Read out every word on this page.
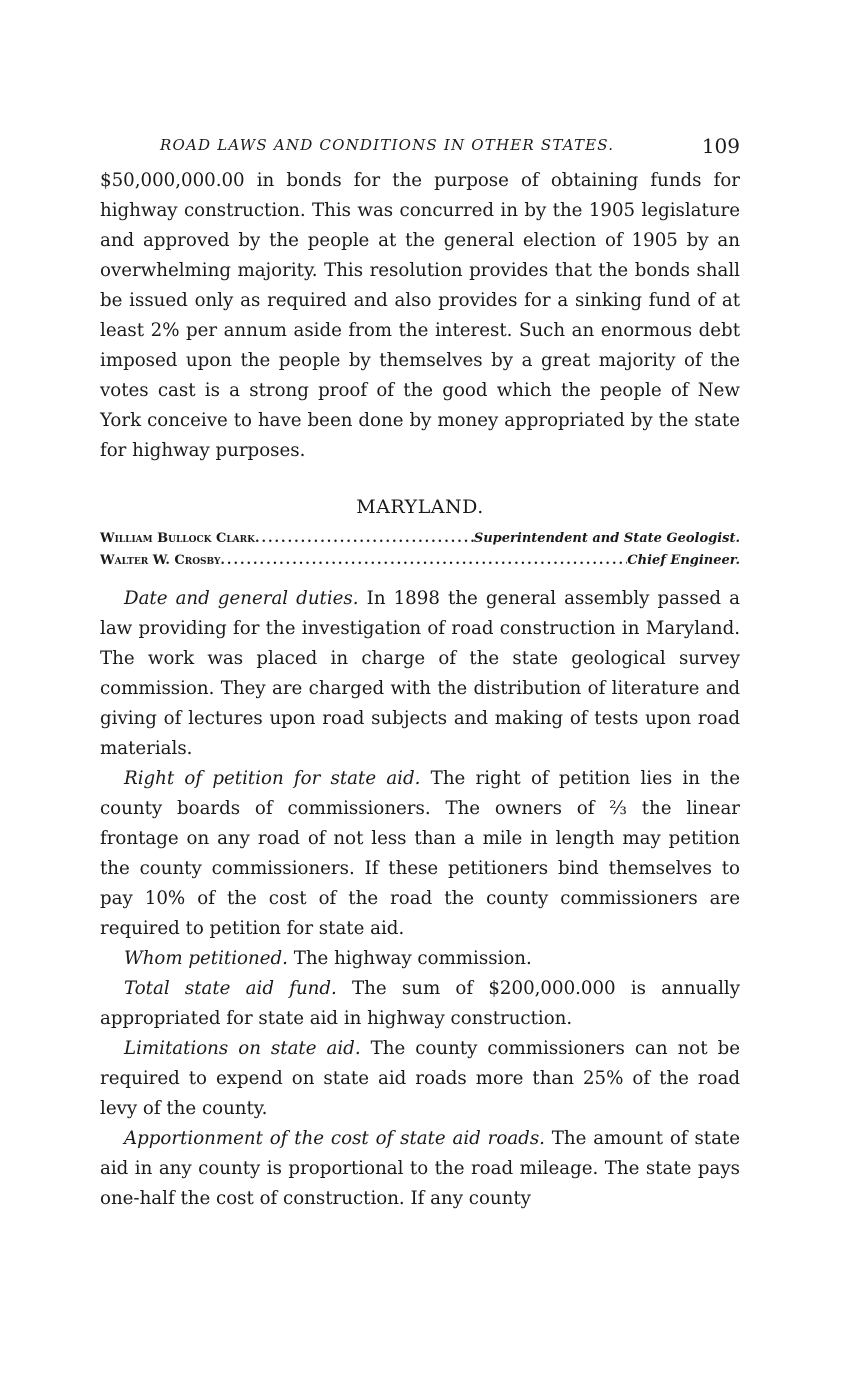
ROAD LAWS AND CONDITIONS IN OTHER STATES.	109

$50,000,000.00 in bonds for the purpose of obtaining funds for highway construction. This was concurred in by the 1905 legislature and approved by the people at the general election of 1905 by an overwhelming majority. This resolution provides that the bonds shall be issued only as required and also provides for a sinking fund of at least 2% per annum aside from the interest. Such an enormous debt imposed upon the people by themselves by a great majority of the votes cast is a strong proof of the good which the people of New York conceive to have been done by money appropriated by the state for highway purposes.

MARYLAND.
William Bullock Clark .....	Superintendent and State Geologist.
Walter W. Crosby .....	Chief Engineer.

Date and general duties. In 1898 the general assembly passed a law providing for the investigation of road construction in Maryland. The work was placed in charge of the state geological survey commission. They are charged with the distribution of literature and giving of lectures upon road subjects and making of tests upon road materials.

Right of petition for state aid. The right of petition lies in the county boards of commissioners. The owners of ⅔ the linear frontage on any road of not less than a mile in length may petition the county commissioners. If these petitioners bind themselves to pay 10% of the cost of the road the county commissioners are required to petition for state aid.

Whom petitioned. The highway commission.

Total state aid fund. The sum of $200,000.000 is annually appropriated for state aid in highway construction.

Limitations on state aid. The county commissioners can not be required to expend on state aid roads more than 25% of the road levy of the county.

Apportionment of the cost of state aid roads. The amount of state aid in any county is proportional to the road mileage. The state pays one-half the cost of construction. If any county
